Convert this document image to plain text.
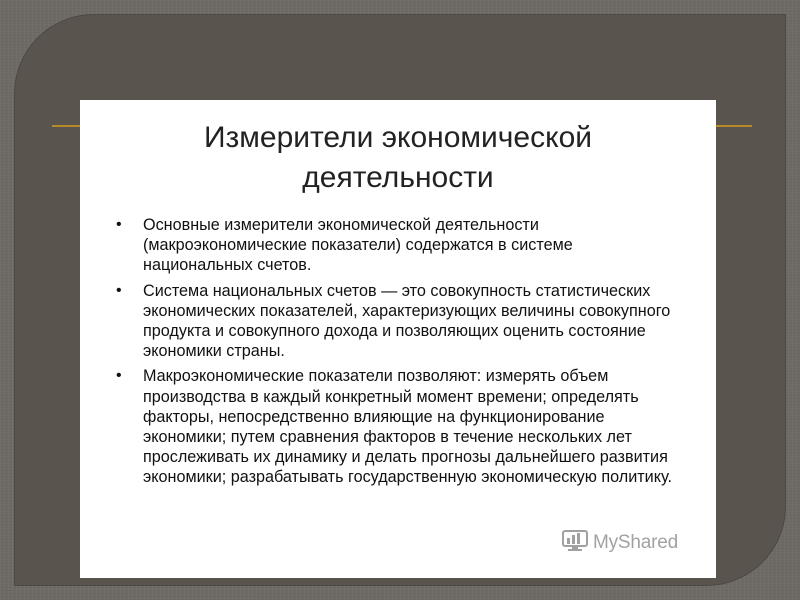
Измерители экономической
деятельности
• Основные измерители экономической деятельности (макроэкономические показатели) содержатся в системе национальных счетов.
• Система национальных счетов — это совокупность статистических экономических показателей, характеризующих величины совокупного продукта и совокупного дохода и позволяющих оценить состояние экономики страны.
• Макроэкономические показатели позволяют: измерять объем производства в каждый конкретный момент времени; определять факторы, непосредственно влияющие на функционирование экономики; путем сравнения факторов в течение нескольких лет прослеживать их динамику и делать прогнозы дальнейшего развития экономики; разрабатывать государственную экономическую политику.
MyShared
